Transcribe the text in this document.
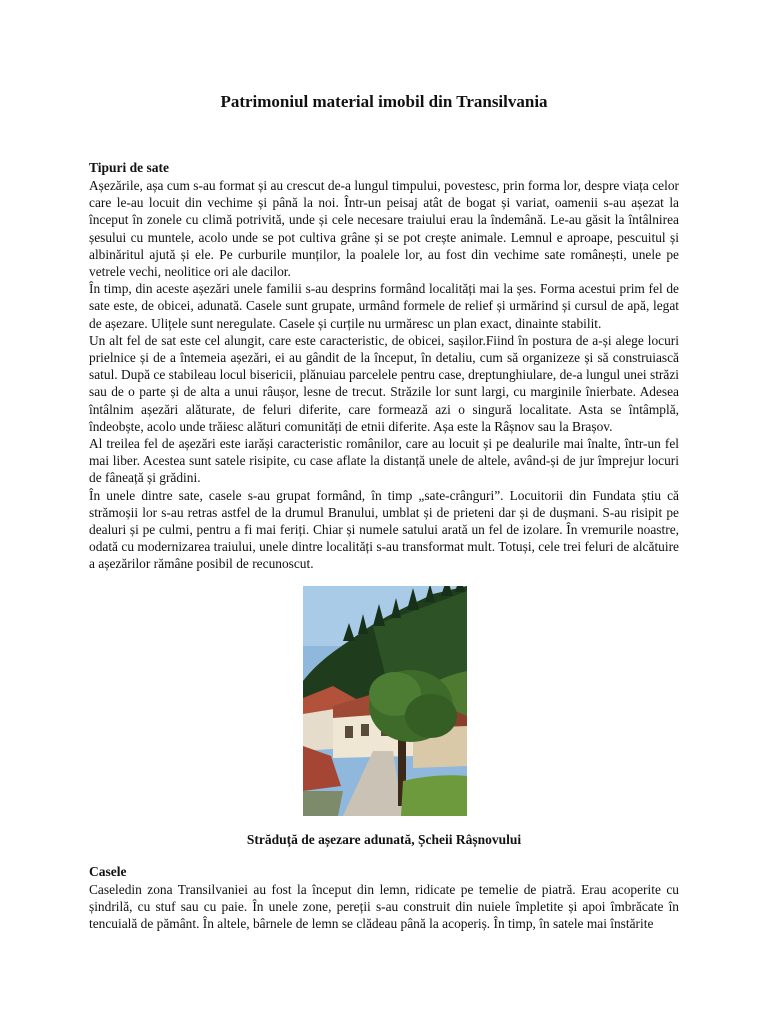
Patrimoniul material imobil din Transilvania
Tipuri de sate

Așezările, așa cum s-au format și au crescut de-a lungul timpului, povestesc, prin forma lor, despre viața celor care le-au locuit din vechime și până la noi. Într-un peisaj atât de bogat și variat, oamenii s-au așezat la început în zonele cu climă potrivită, unde și cele necesare traiului erau la îndemână. Le-au găsit la întâlnirea șesului cu muntele, acolo unde se pot cultiva grâne și se pot crește animale. Lemnul e aproape, pescuitul și albinăritul ajută și ele. Pe curburile munților, la poalele lor, au fost din vechime sate românești, unele pe vetrele vechi, neolitice ori ale dacilor.

În timp, din aceste așezări unele familii s-au desprins formând localități mai la șes. Forma acestui prim fel de sate este, de obicei, adunată. Casele sunt grupate, urmând formele de relief și urmărind și cursul de apă, legat de așezare. Ulițele sunt neregulate. Casele și curțile nu urmăresc un plan exact, dinainte stabilit.

Un alt fel de sat este cel alungit, care este caracteristic, de obicei, sașilor.Fiind în postura de a-și alege locuri prielnice și de a întemeia așezări, ei au gândit de la început, în detaliu, cum să organizeze și să construiască satul. După ce stabileau locul bisericii, plănuiau parcelele pentru case, dreptunghiulare, de-a lungul unei străzi sau de o parte și de alta a unui râușor, lesne de trecut. Străzile lor sunt largi, cu marginile înierbate. Adesea întâlnim așezări alăturate, de feluri diferite, care formează azi o singură localitate. Asta se întâmplă, îndeobște, acolo unde trăiesc alături comunități de etnii diferite. Așa este la Râșnov sau la Brașov.

Al treilea fel de așezări este iarăși caracteristic românilor, care au locuit și pe dealurile mai înalte, într-un fel mai liber. Acestea sunt satele risipite, cu case aflate la distanță unele de altele, având-și de jur împrejur locuri de fâneață și grădini.

În unele dintre sate, casele s-au grupat formând, în timp „sate-crânguri”. Locuitorii din Fundata știu că strămoșii lor s-au retras astfel de la drumul Branului, umblat și de prieteni dar și de dușmani. S-au risipit pe dealuri și pe culmi, pentru a fi mai feriți. Chiar și numele satului arată un fel de izolare. În vremurile noastre, odată cu modernizarea traiului, unele dintre localități s-au transformat mult. Totuși, cele trei feluri de alcătuire a așezărilor rămâne posibil de recunoscut.

Străduță de așezare adunată, Șcheii Râșnovului

Casele

Caseledin zona Transilvaniei au fost la început din lemn, ridicate pe temelie de piatră. Erau acoperite cu șindrilă, cu stuf sau cu paie. În unele zone, pereții s-au construit din nuiele împletite și apoi îmbrăcate în tencuială de pământ. În altele, bârnele de lemn se clădeau până la acoperiș. În timp, în satele mai înstărite
